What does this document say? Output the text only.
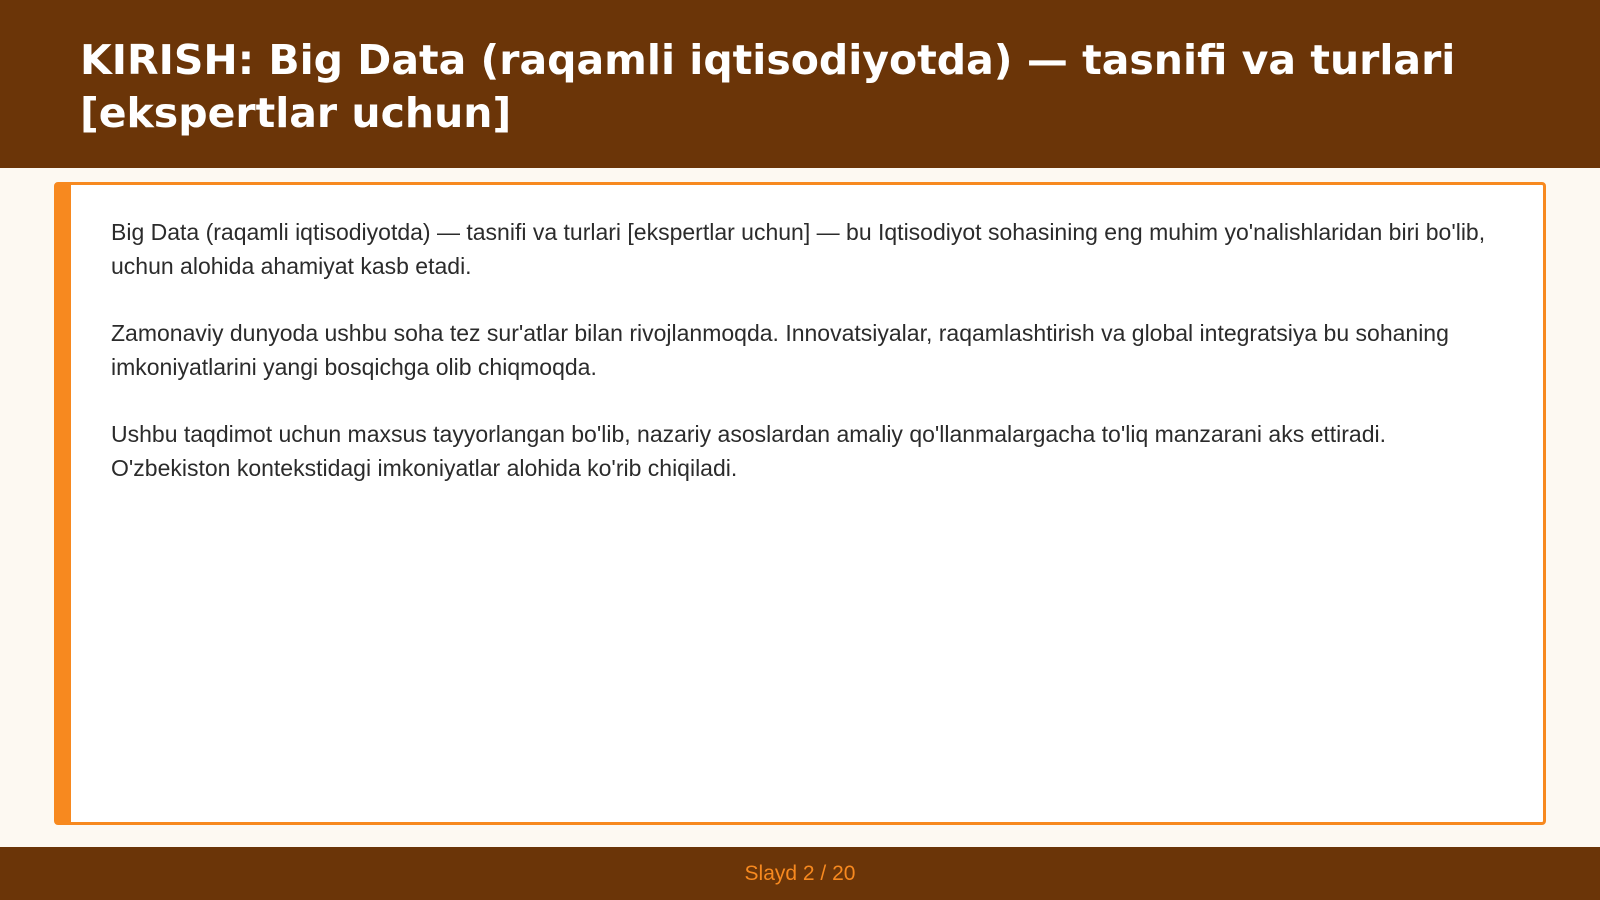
KIRISH: Big Data (raqamli iqtisodiyotda) — tasnifi va turlari [ekspertlar uchun]

Big Data (raqamli iqtisodiyotda) — tasnifi va turlari [ekspertlar uchun] — bu Iqtisodiyot sohasining eng muhim yo'nalishlaridan biri bo'lib, uchun alohida ahamiyat kasb etadi.

Zamonaviy dunyoda ushbu soha tez sur'atlar bilan rivojlanmoqda. Innovatsiyalar, raqamlashtirish va global integratsiya bu sohaning imkoniyatlarini yangi bosqichga olib chiqmoqda.

Ushbu taqdimot uchun maxsus tayyorlangan bo'lib, nazariy asoslardan amaliy qo'llanmalargacha to'liq manzarani aks ettiradi. O'zbekiston kontekstidagi imkoniyatlar alohida ko'rib chiqiladi.

Slayd 2 / 20
